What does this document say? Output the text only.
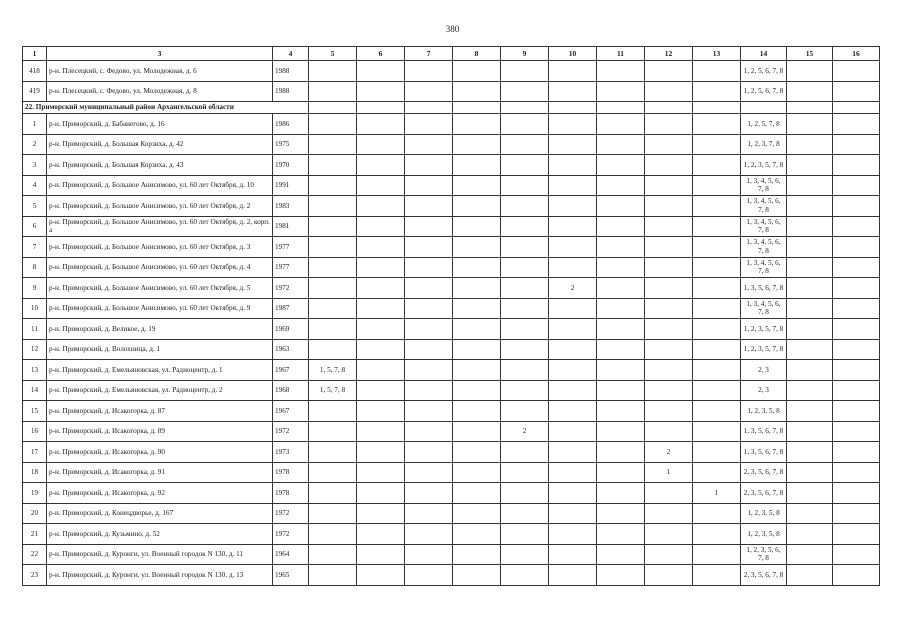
380
1	3	4	5	6	7	8	9	10	11	12	13	14	15	16
418	р-н. Плесецкий, с. Федово, ул. Молодежная, д. 6	1988										1, 2, 5, 6, 7, 8		
419	р-н. Плесецкий, с. Федово, ул. Молодежная, д. 8	1988										1, 2, 5, 6, 7, 8		
22. Приморский муниципальный район Архангельской области														
1	р-н. Приморский, д. Бабанегово, д. 16	1986										1, 2, 5, 7, 8		
2	р-н. Приморский, д. Большая Корзиха, д. 42	1975										1, 2, 3, 7, 8		
3	р-н. Приморский, д. Большая Корзиха, д. 43	1970										1, 2, 3, 5, 7, 8		
4	р-н. Приморский, д. Большое Анисимово, ул. 60 лет Октября, д. 10	1991										1, 3, 4, 5, 6, 7, 8		
5	р-н. Приморский, д. Большое Анисимово, ул. 60 лет Октября, д. 2	1983										1, 3, 4, 5, 6, 7, 8		
6	р-н. Приморский, д. Большое Анисимово, ул. 60 лет Октября, д. 2, корп. а	1981										1, 3, 4, 5, 6, 7, 8		
7	р-н. Приморский, д. Большое Анисимово, ул. 60 лет Октября, д. 3	1977										1, 3, 4, 5, 6, 7, 8		
8	р-н. Приморский, д. Большое Анисимово, ул. 60 лет Октября, д. 4	1977										1, 3, 4, 5, 6, 7, 8		
9	р-н. Приморский, д. Большое Анисимово, ул. 60 лет Октября, д. 5	1972						2				1, 3, 5, 6, 7, 8		
10	р-н. Приморский, д. Большое Анисимово, ул. 60 лет Октября, д. 9	1987										1, 3, 4, 5, 6, 7, 8		
11	р-н. Приморский, д. Великое, д. 19	1969										1, 2, 3, 5, 7, 8		
12	р-н. Приморский, д. Волохница, д. 1	1963										1, 2, 3, 5, 7, 8		
13	р-н. Приморский, д. Емельяновская, ул. Радиоцентр, д. 1	1967	1, 5, 7, 8									2, 3		
14	р-н. Приморский, д. Емельяновская, ул. Радиоцентр, д. 2	1968	1, 5, 7, 8									2, 3		
15	р-н. Приморский, д. Исакогорка, д. 87	1967										1, 2, 3, 5, 8		
16	р-н. Приморский, д. Исакогорка, д. 89	1972					2					1, 3, 5, 6, 7, 8		
17	р-н. Приморский, д. Исакогорка, д. 90	1973								2		1, 3, 5, 6, 7, 8		
18	р-н. Приморский, д. Исакогорка, д. 91	1978								1		2, 3, 5, 6, 7, 8		
19	р-н. Приморский, д. Исакогорка, д. 92	1978									1	2, 3, 5, 6, 7, 8		
20	р-н. Приморский, д. Конецдворье, д. 167	1972										1, 2, 3, 5, 8		
21	р-н. Приморский, д. Кузьмино, д. 52	1972										1, 2, 3, 5, 8		
22	р-н. Приморский, д. Куронги, ул. Военный городок N 130, д. 11	1964										1, 2, 3, 5, 6, 7, 8		
23	р-н. Приморский, д. Куронги, ул. Военный городок N 130, д. 13	1965										2, 3, 5, 6, 7, 8		
